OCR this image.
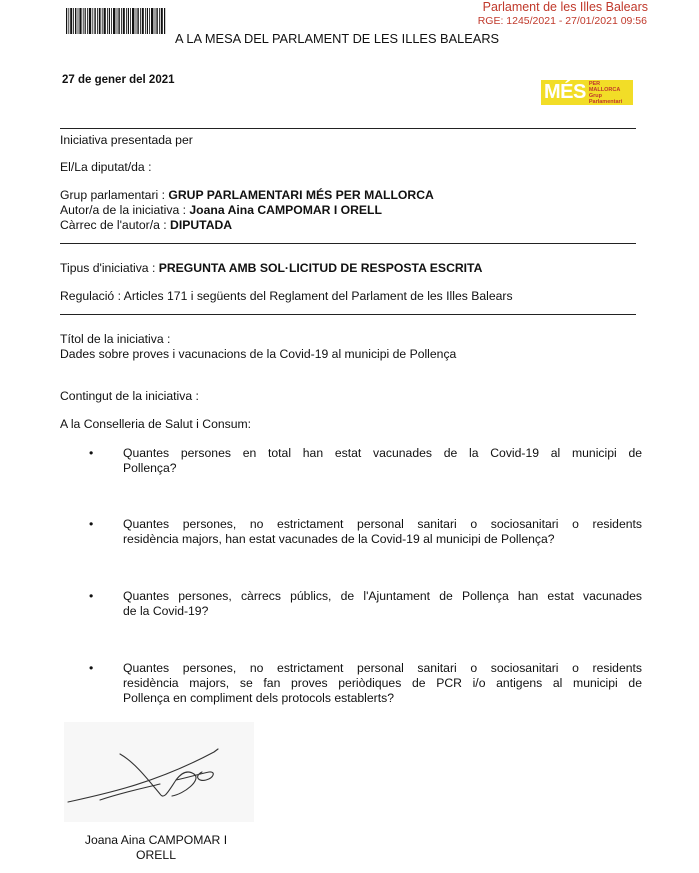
Parlament de les Illes Balears
RGE: 1245/2021 - 27/01/2021 09:56
A LA MESA DEL PARLAMENT DE LES ILLES BALEARS
27 de gener del 2021
MÉS PER
MALLORCA
Grup Parlamentari
Iniciativa presentada per
El/La diputat/da :
Grup parlamentari : GRUP PARLAMENTARI MÉS PER MALLORCA
Autor/a de la iniciativa : Joana Aina CAMPOMAR I ORELL
Càrrec de l'autor/a : DIPUTADA
Tipus d'iniciativa : PREGUNTA AMB SOL·LICITUD DE RESPOSTA ESCRITA
Regulació : Articles 171 i següents del Reglament del Parlament de les Illes Balears
Títol de la iniciativa :
Dades sobre proves i vacunacions de la Covid-19 al municipi de Pollença
Contingut de la iniciativa :
A la Conselleria de Salut i Consum:
• Quantes persones en total han estat vacunades de la Covid-19 al municipi de
Pollença?
• Quantes persones, no estrictament personal sanitari o sociosanitari o residents
residència majors, han estat vacunades de la Covid-19 al municipi de Pollença?
• Quantes persones, càrrecs públics, de l'Ajuntament de Pollença han estat vacunades
de la Covid-19?
• Quantes persones, no estrictament personal sanitari o sociosanitari o residents
residència majors, se fan proves periòdiques de PCR i/o antigens al municipi de
Pollença en compliment dels protocols establerts?
Joana Aina CAMPOMAR I ORELL
